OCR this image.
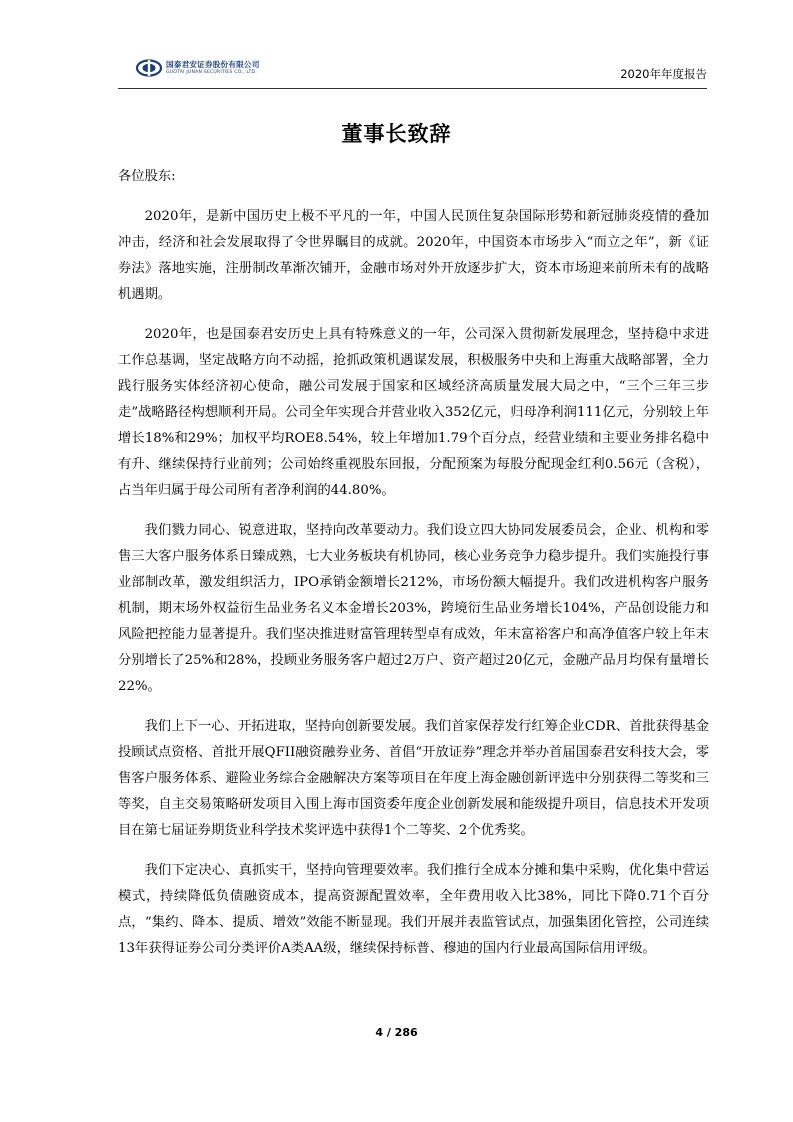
国泰君安证券股份有限公司
GUOTAI JUNAN SECURITIES CO., LTD.	2020年年度报告
董事长致辞

各位股东:

2020年，是新中国历史上极不平凡的一年，中国人民顶住复杂国际形势和新冠肺炎疫情的叠加冲击，经济和社会发展取得了令世界瞩目的成就。2020年，中国资本市场步入“而立之年”，新《证券法》落地实施，注册制改革渐次铺开，金融市场对外开放逐步扩大，资本市场迎来前所未有的战略机遇期。

2020年，也是国泰君安历史上具有特殊意义的一年，公司深入贯彻新发展理念，坚持稳中求进工作总基调，坚定战略方向不动摇，抢抓政策机遇谋发展，积极服务中央和上海重大战略部署，全力践行服务实体经济初心使命，融公司发展于国家和区域经济高质量发展大局之中，“三个三年三步走”战略路径构想顺利开局。公司全年实现合并营业收入352亿元，归母净利润111亿元，分别较上年增长18%和29%；加权平均ROE8.54%，较上年增加1.79个百分点，经营业绩和主要业务排名稳中有升、继续保持行业前列；公司始终重视股东回报，分配预案为每股分配现金红利0.56元（含税），占当年归属于母公司所有者净利润的44.80%。

我们戮力同心、锐意进取，坚持向改革要动力。我们设立四大协同发展委员会，企业、机构和零售三大客户服务体系日臻成熟，七大业务板块有机协同，核心业务竞争力稳步提升。我们实施投行事业部制改革，激发组织活力，IPO承销金额增长212%，市场份额大幅提升。我们改进机构客户服务机制，期末场外权益衍生品业务名义本金增长203%，跨境衍生品业务增长104%，产品创设能力和风险把控能力显著提升。我们坚决推进财富管理转型卓有成效，年末富裕客户和高净值客户较上年末分别增长了25%和28%，投顾业务服务客户超过2万户、资产超过20亿元，金融产品月均保有量增长22%。

我们上下一心、开拓进取，坚持向创新要发展。我们首家保荐发行红筹企业CDR、首批获得基金投顾试点资格、首批开展QFII融资融券业务、首倡“开放证券”理念并举办首届国泰君安科技大会，零售客户服务体系、避险业务综合金融解决方案等项目在年度上海金融创新评选中分别获得二等奖和三等奖，自主交易策略研发项目入围上海市国资委年度企业创新发展和能级提升项目，信息技术开发项目在第七届证券期货业科学技术奖评选中获得1个二等奖、2个优秀奖。

我们下定决心、真抓实干，坚持向管理要效率。我们推行全成本分摊和集中采购，优化集中营运模式，持续降低负债融资成本，提高资源配置效率，全年费用收入比38%，同比下降0.71个百分点，“集约、降本、提质、增效”效能不断显现。我们开展并表监管试点，加强集团化管控，公司连续13年获得证券公司分类评价A类AA级，继续保持标普、穆迪的国内行业最高国际信用评级。

4 / 286
